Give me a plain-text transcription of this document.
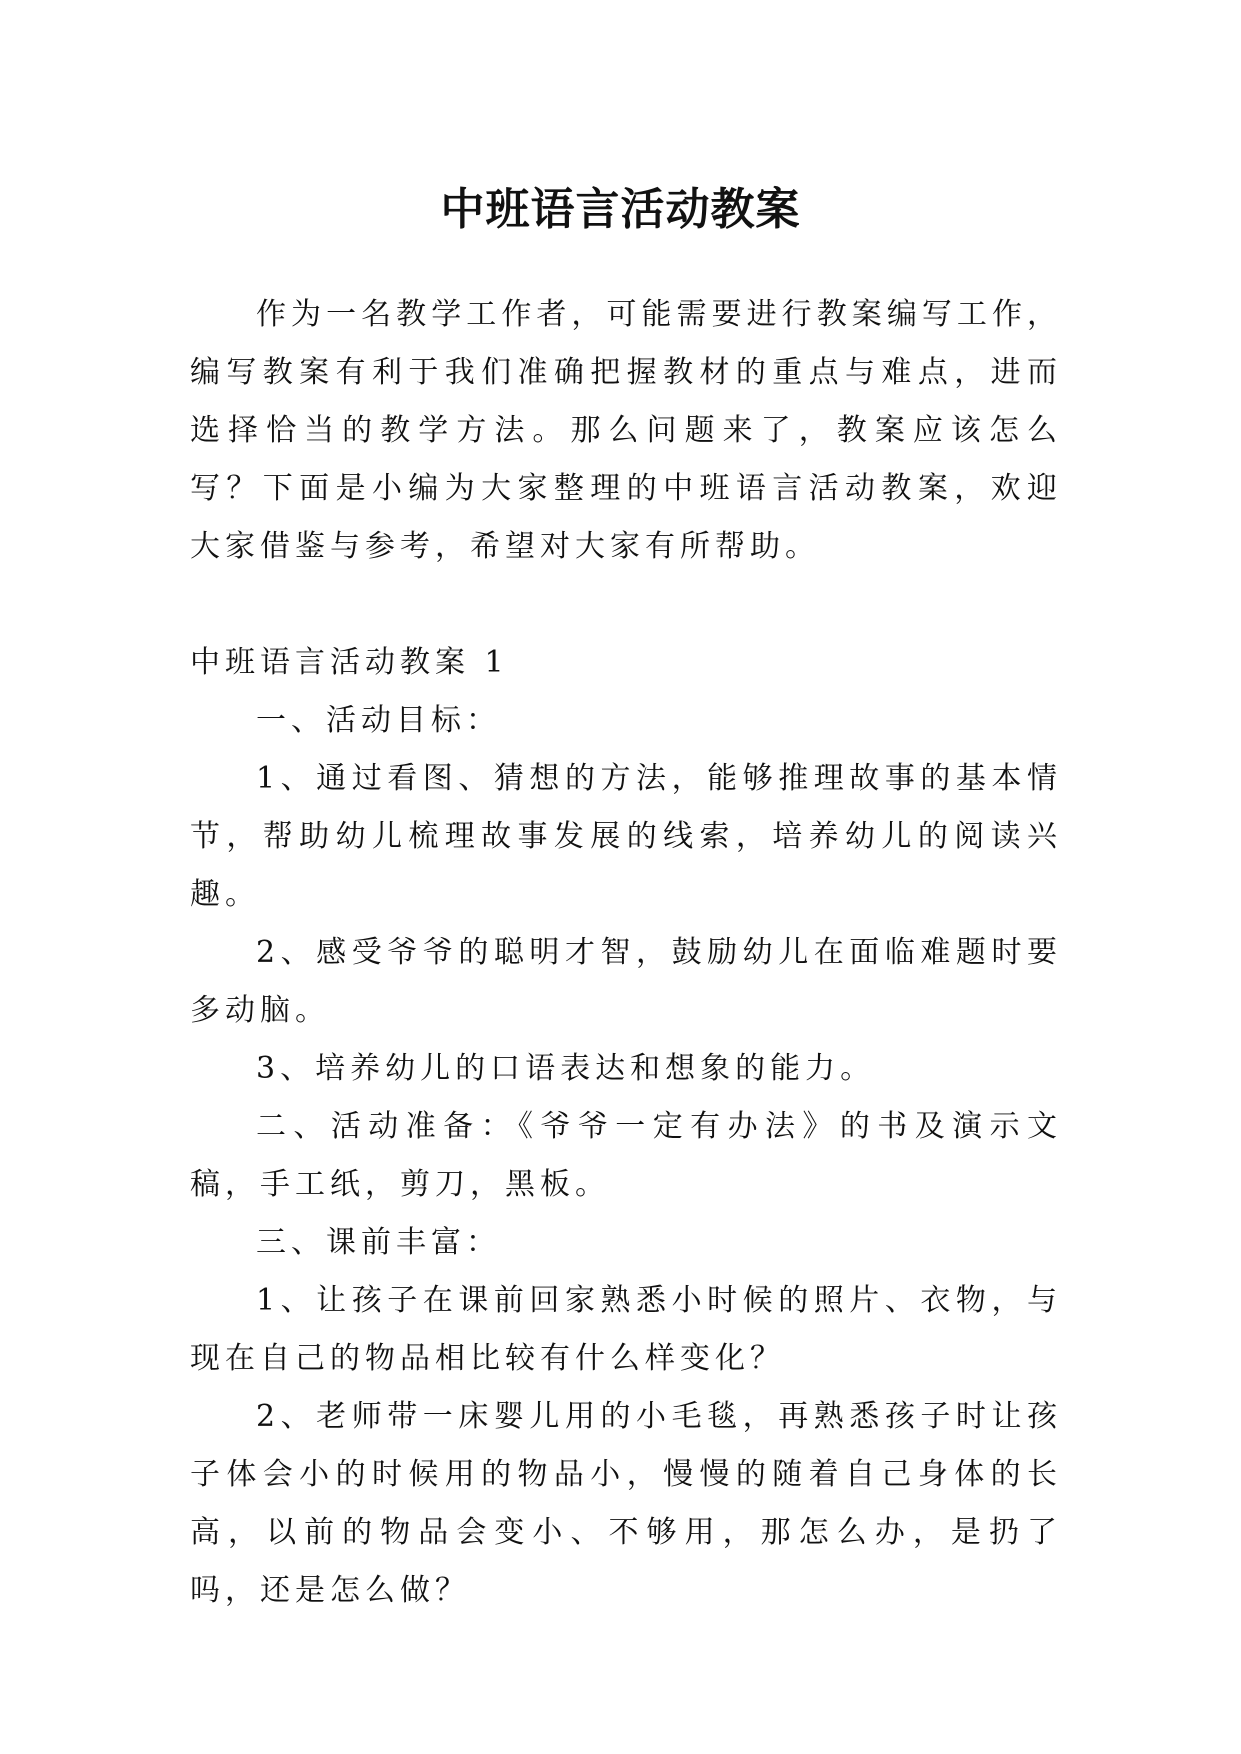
中班语言活动教案

作为一名教学工作者，可能需要进行教案编写工作，编写教案有利于我们准确把握教材的重点与难点，进而选择恰当的教学方法。那么问题来了，教案应该怎么写？下面是小编为大家整理的中班语言活动教案，欢迎大家借鉴与参考，希望对大家有所帮助。

中班语言活动教案 1

一、活动目标：

1、通过看图、猜想的方法，能够推理故事的基本情节，帮助幼儿梳理故事发展的线索，培养幼儿的阅读兴趣。

2、感受爷爷的聪明才智，鼓励幼儿在面临难题时要多动脑。

3、培养幼儿的口语表达和想象的能力。

二、活动准备：《爷爷一定有办法》的书及演示文稿，手工纸，剪刀，黑板。

三、课前丰富：

1、让孩子在课前回家熟悉小时候的照片、衣物，与现在自己的物品相比较有什么样变化？

2、老师带一床婴儿用的小毛毯，再熟悉孩子时让孩子体会小的时候用的物品小，慢慢的随着自己身体的长高，以前的物品会变小、不够用，那怎么办，是扔了吗，还是怎么做？
